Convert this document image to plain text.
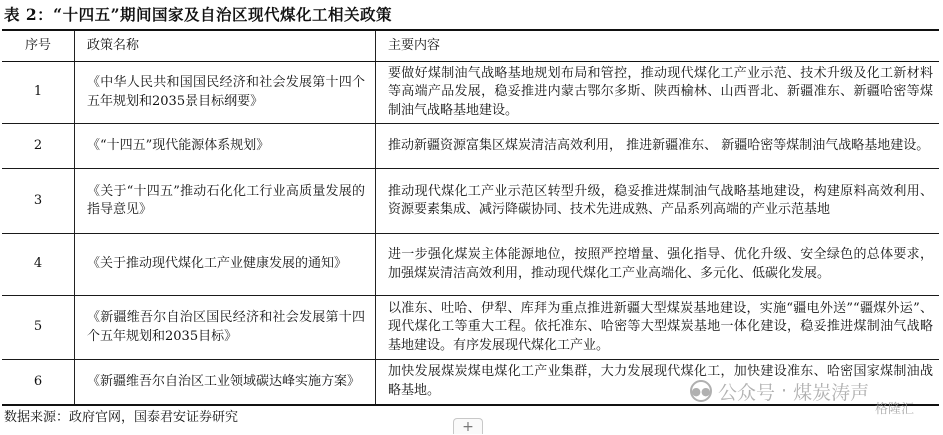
表 2：“十四五”期间国家及自治区现代煤化工相关政策
序号	政策名称	主要内容
1	《中华人民共和国国民经济和社会发展第十四个五年规划和2035景目标纲要》	要做好煤制油气战略基地规划布局和管控，推动现代煤化工产业示范、技术升级及化工新材料等高端产品发展，稳妥推进内蒙古鄂尔多斯、陕西榆林、山西晋北、新疆准东、新疆哈密等煤制油气战略基地建设。
2	《“十四五”现代能源体系规划》	推动新疆资源富集区煤炭清洁高效利用， 推进新疆准东、 新疆哈密等煤制油气战略基地建设。
3	《关于“十四五”推动石化化工行业高质量发展的指导意见》	推动现代煤化工产业示范区转型升级，稳妥推进煤制油气战略基地建设，构建原料高效利用、资源要素集成、减污降碳协同、技术先进成熟、产品系列高端的产业示范基地
4	《关于推动现代煤化工产业健康发展的通知》	进一步强化煤炭主体能源地位，按照严控增量、强化指导、优化升级、安全绿色的总体要求，加强煤炭清洁高效利用，推动现代煤化工产业高端化、多元化、低碳化发展。
5	《新疆维吾尔自治区国民经济和社会发展第十四个五年规划和2035目标》	以准东、吐哈、伊犁、库拜为重点推进新疆大型煤炭基地建设，实施“疆电外送”“疆煤外运”、现代煤化工等重大工程。依托准东、哈密等大型煤炭基地一体化建设，稳妥推进煤制油气战略基地建设。有序发展现代煤化工产业。
6	《新疆维吾尔自治区工业领域碳达峰实施方案》	加快发展煤炭煤电煤化工产业集群，大力发展现代煤化工，加快建设准东、哈密国家煤制油战略基地。
数据来源：政府官网，国泰君安证券研究
●● 公众号 · 煤炭涛声
格隆汇
+
